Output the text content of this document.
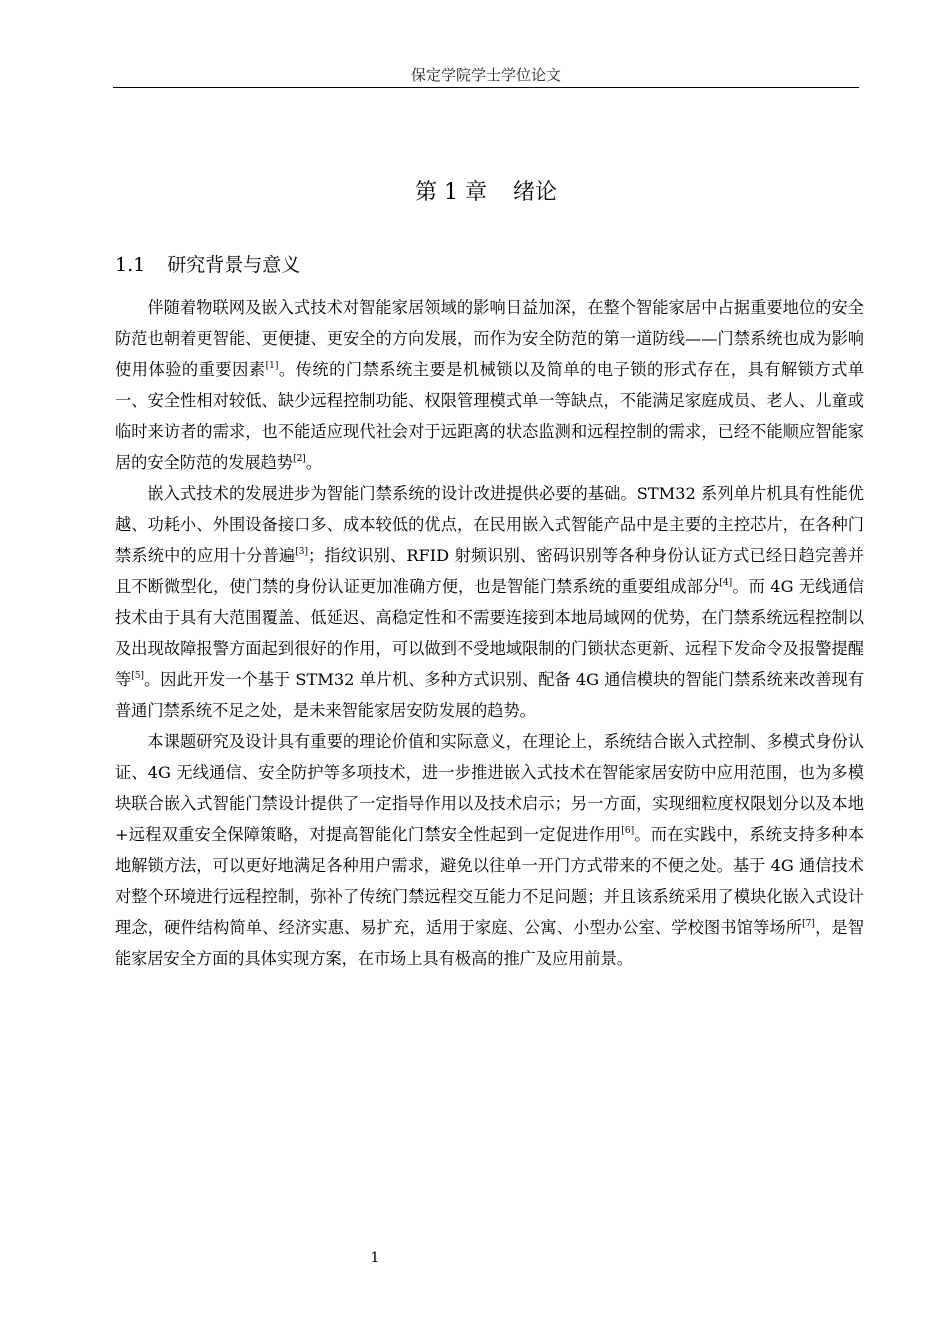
保定学院学士学位论文
第 1 章 绪论
1.1 研究背景与意义

伴随着物联网及嵌入式技术对智能家居领域的影响日益加深，在整个智能家居中占据重要地位的安全防范也朝着更智能、更便捷、更安全的方向发展，而作为安全防范的第一道防线——门禁系统也成为影响使用体验的重要因素[1]。传统的门禁系统主要是机械锁以及简单的电子锁的形式存在，具有解锁方式单一、安全性相对较低、缺少远程控制功能、权限管理模式单一等缺点，不能满足家庭成员、老人、儿童或临时来访者的需求，也不能适应现代社会对于远距离的状态监测和远程控制的需求，已经不能顺应智能家居的安全防范的发展趋势[2]。

嵌入式技术的发展进步为智能门禁系统的设计改进提供必要的基础。STM32 系列单片机具有性能优越、功耗小、外围设备接口多、成本较低的优点，在民用嵌入式智能产品中是主要的主控芯片，在各种门禁系统中的应用十分普遍[3]；指纹识别、RFID 射频识别、密码识别等各种身份认证方式已经日趋完善并且不断微型化，使门禁的身份认证更加准确方便，也是智能门禁系统的重要组成部分[4]。而 4G 无线通信技术由于具有大范围覆盖、低延迟、高稳定性和不需要连接到本地局域网的优势，在门禁系统远程控制以及出现故障报警方面起到很好的作用，可以做到不受地域限制的门锁状态更新、远程下发命令及报警提醒等[5]。因此开发一个基于 STM32 单片机、多种方式识别、配备 4G 通信模块的智能门禁系统来改善现有普通门禁系统不足之处，是未来智能家居安防发展的趋势。

本课题研究及设计具有重要的理论价值和实际意义，在理论上，系统结合嵌入式控制、多模式身份认证、4G 无线通信、安全防护等多项技术，进一步推进嵌入式技术在智能家居安防中应用范围，也为多模块联合嵌入式智能门禁设计提供了一定指导作用以及技术启示；另一方面，实现细粒度权限划分以及本地+远程双重安全保障策略，对提高智能化门禁安全性起到一定促进作用[6]。而在实践中，系统支持多种本地解锁方法，可以更好地满足各种用户需求，避免以往单一开门方式带来的不便之处。基于 4G 通信技术对整个环境进行远程控制，弥补了传统门禁远程交互能力不足问题；并且该系统采用了模块化嵌入式设计理念，硬件结构简单、经济实惠、易扩充，适用于家庭、公寓、小型办公室、学校图书馆等场所[7]，是智能家居安全方面的具体实现方案，在市场上具有极高的推广及应用前景。

1
